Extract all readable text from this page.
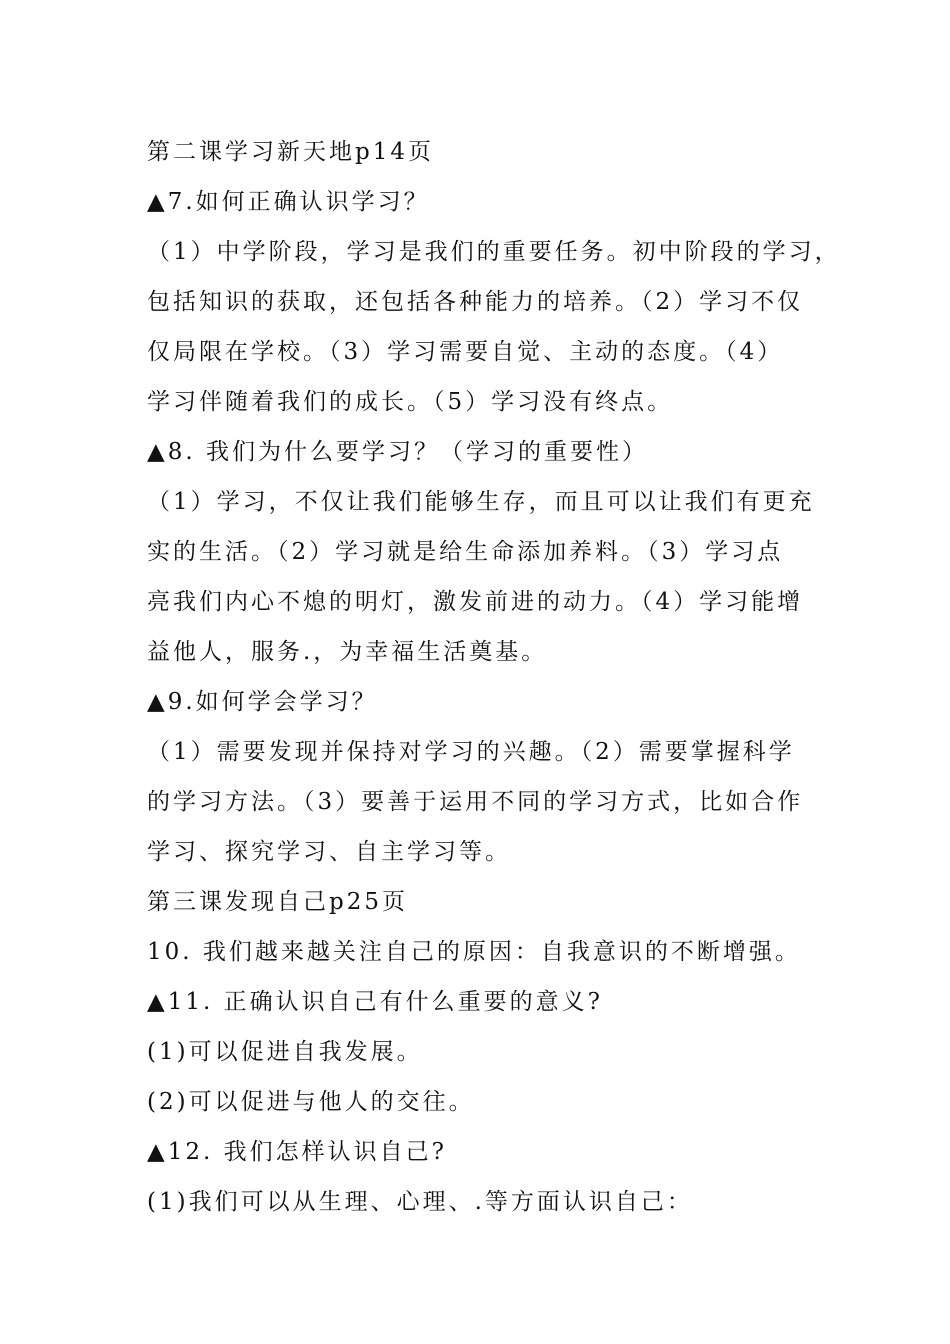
第二课学习新天地p14页
▲7.如何正确认识学习？
（1）中学阶段，学习是我们的重要任务。初中阶段的学习，
包括知识的获取，还包括各种能力的培养。（2）学习不仅
仅局限在学校。（3）学习需要自觉、主动的态度。（4）
学习伴随着我们的成长。（5）学习没有终点。
▲8. 我们为什么要学习？（学习的重要性）
（1）学习，不仅让我们能够生存，而且可以让我们有更充
实的生活。（2）学习就是给生命添加养料。（3）学习点
亮我们内心不熄的明灯，激发前进的动力。（4）学习能增
益他人，服务.，为幸福生活奠基。
▲9.如何学会学习？
（1）需要发现并保持对学习的兴趣。（2）需要掌握科学
的学习方法。（3）要善于运用不同的学习方式，比如合作
学习、探究学习、自主学习等。
第三课发现自己p25页
10. 我们越来越关注自己的原因：自我意识的不断增强。
▲11. 正确认识自己有什么重要的意义?
(1)可以促进自我发展。
(2)可以促进与他人的交往。
▲12. 我们怎样认识自己?
(1)我们可以从生理、心理、.等方面认识自己：
